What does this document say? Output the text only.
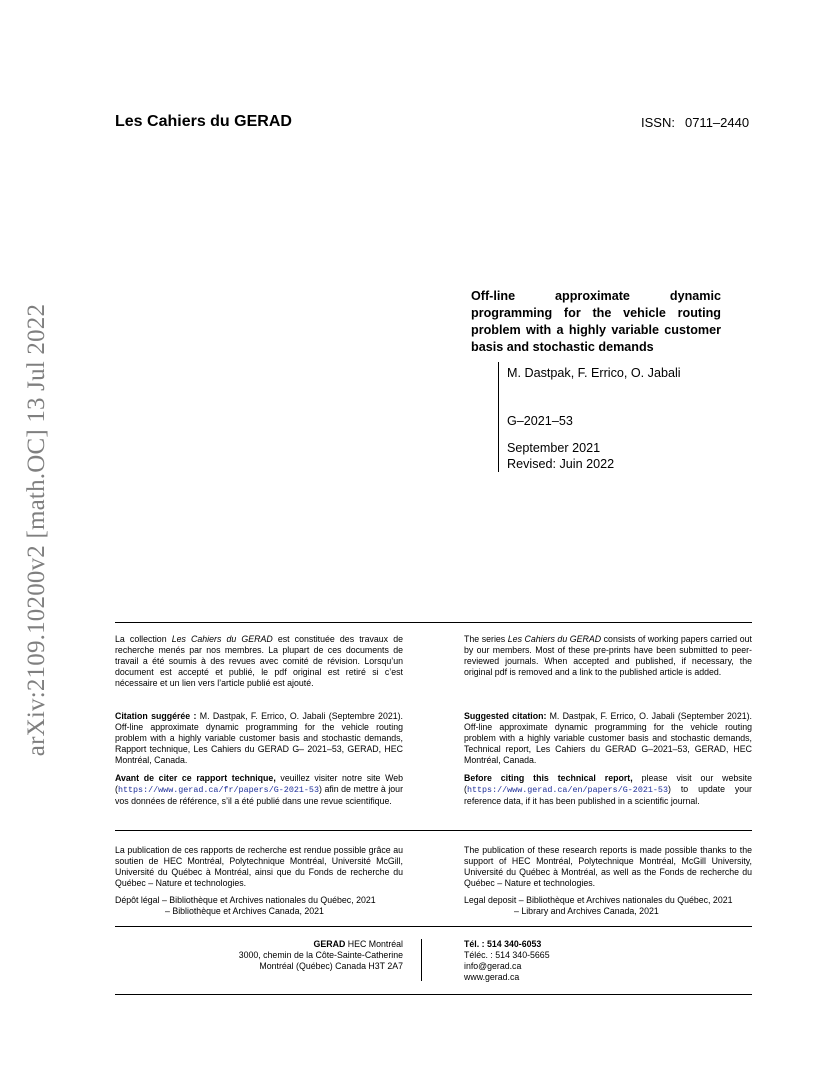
Les Cahiers du GERAD	ISSN: 0711–2440
arXiv:2109.10200v2 [math.OC] 13 Jul 2022
Off-line approximate dynamic programming for the vehicle routing problem with a highly variable customer basis and stochastic demands
M. Dastpak, F. Errico, O. Jabali
G–2021–53
September 2021
Revised: Juin 2022
La collection Les Cahiers du GERAD est constituée des travaux de recherche menés par nos membres. La plupart de ces documents de travail a été soumis à des revues avec comité de révision. Lorsqu’un document est accepté et publié, le pdf original est retiré si c’est nécessaire et un lien vers l’article publié est ajouté.
The series Les Cahiers du GERAD consists of working papers carried out by our members. Most of these pre-prints have been submitted to peer-reviewed journals. When accepted and published, if necessary, the original pdf is removed and a link to the published article is added.
Citation suggérée : M. Dastpak, F. Errico, O. Jabali (Septembre 2021). Off-line approximate dynamic programming for the vehicle routing problem with a highly variable customer basis and stochastic demands, Rapport technique, Les Cahiers du GERAD G– 2021–53, GERAD, HEC Montréal, Canada.
Suggested citation: M. Dastpak, F. Errico, O. Jabali (September 2021). Off-line approximate dynamic programming for the vehicle routing problem with a highly variable customer basis and stochastic demands, Technical report, Les Cahiers du GERAD G–2021–53, GERAD, HEC Montréal, Canada.
Avant de citer ce rapport technique, veuillez visiter notre site Web (https://www.gerad.ca/fr/papers/G-2021-53) afin de mettre à jour vos données de référence, s’il a été publié dans une revue scientifique.
Before citing this technical report, please visit our website (https://www.gerad.ca/en/papers/G-2021-53) to update your reference data, if it has been published in a scientific journal.
La publication de ces rapports de recherche est rendue possible grâce au soutien de HEC Montréal, Polytechnique Montréal, Université McGill, Université du Québec à Montréal, ainsi que du Fonds de recherche du Québec – Nature et technologies.
The publication of these research reports is made possible thanks to the support of HEC Montréal, Polytechnique Montréal, McGill University, Université du Québec à Montréal, as well as the Fonds de recherche du Québec – Nature et technologies.
Dépôt légal – Bibliothèque et Archives nationales du Québec, 2021
– Bibliothèque et Archives Canada, 2021
Legal deposit – Bibliothèque et Archives nationales du Québec, 2021
– Library and Archives Canada, 2021
GERAD HEC Montréal
3000, chemin de la Côte-Sainte-Catherine
Montréal (Québec) Canada H3T 2A7
Tél. : 514 340-6053
Téléc. : 514 340-5665
info@gerad.ca
www.gerad.ca
